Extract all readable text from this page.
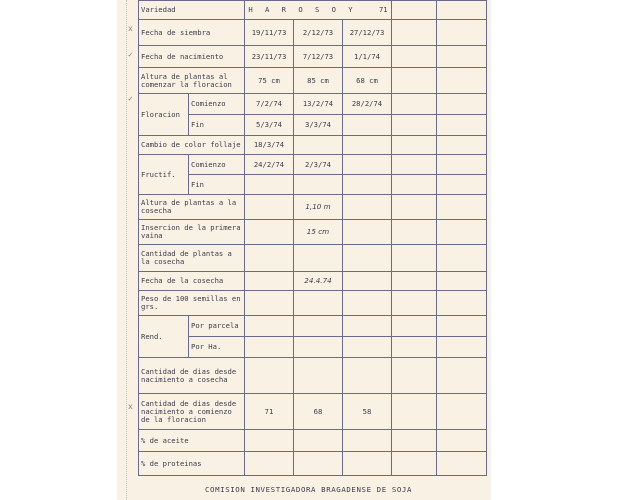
x
✓
✓
x
Variedad		H A R O S O Y 71				
Fecha de siembra		19/11/73	2/12/73	27/12/73		
Fecha de nacimiento		23/11/73	7/12/73	1/1/74		
Altura de plantas al comenzar la floracion		75 cm	85 cm	68 cm		
Floracion	Comienzo	7/2/74	13/2/74	28/2/74		
	Fin	5/3/74	3/3/74			
Cambio de color follaje		18/3/74				
Fructif.	Comienzo	24/2/74	2/3/74			
	Fin					
Altura de plantas a la cosecha			1,10 m			
Insercion de la primera vaina			15 cm			
Cantidad de plantas a la cosecha						
Fecha de la cosecha			24.4.74			
Peso de 100 semillas en grs.						
Rend.	Por parcela					
	Por Ha.					
Cantidad de dias desde nacimiento a cosecha						
Cantidad de dias desde nacimiento a comienzo de la floracion		71	68	58		
% de aceite						
% de proteinas						
COMISION INVESTIGADORA BRAGADENSE DE SOJA
